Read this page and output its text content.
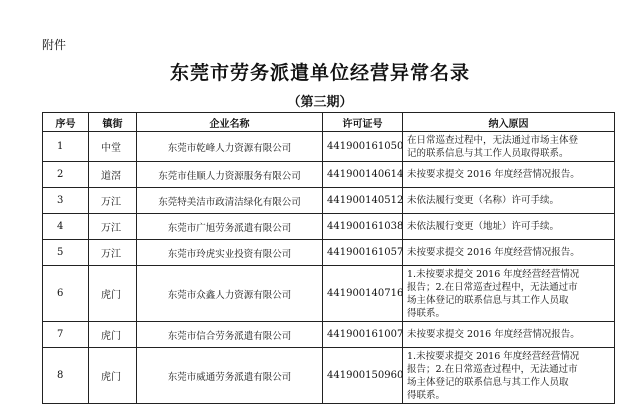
附件
东莞市劳务派遣单位经营异常名录
（第三期）
序号	镇街	企业名称	许可证号	纳入原因
1	中堂	东莞市乾峰人力资源有限公司	441900161050	在日常巡查过程中，无法通过市场主体登
记的联系信息与其工作人员取得联系。

2	道滘	东莞市佳顺人力资源服务有限公司	441900140614	未按要求提交 2016 年度经营情况报告。

3	万江	东莞特美洁市政清洁绿化有限公司	441900140512	未依法履行变更（名称）许可手续。

4	万江	东莞市广旭劳务派遣有限公司	441900161038	未依法履行变更（地址）许可手续。

5	万江	东莞市玲虎实业投资有限公司	441900161057	未按要求提交 2016 年度经营情况报告。

6	虎门	东莞市众鑫人力资源有限公司	441900140716	1.未按要求提交 2016 年度经营经营情况
报告；2.在日常巡查过程中，无法通过市
场主体登记的联系信息与其工作人员取
得联系。

7	虎门	东莞市信合劳务派遣有限公司	441900161007	未按要求提交 2016 年度经营情况报告。

8	虎门	东莞市威通劳务派遣有限公司	441900150960	1.未按要求提交 2016 年度经营经营情况
报告；2.在日常巡查过程中，无法通过市
场主体登记的联系信息与其工作人员取
得联系。
